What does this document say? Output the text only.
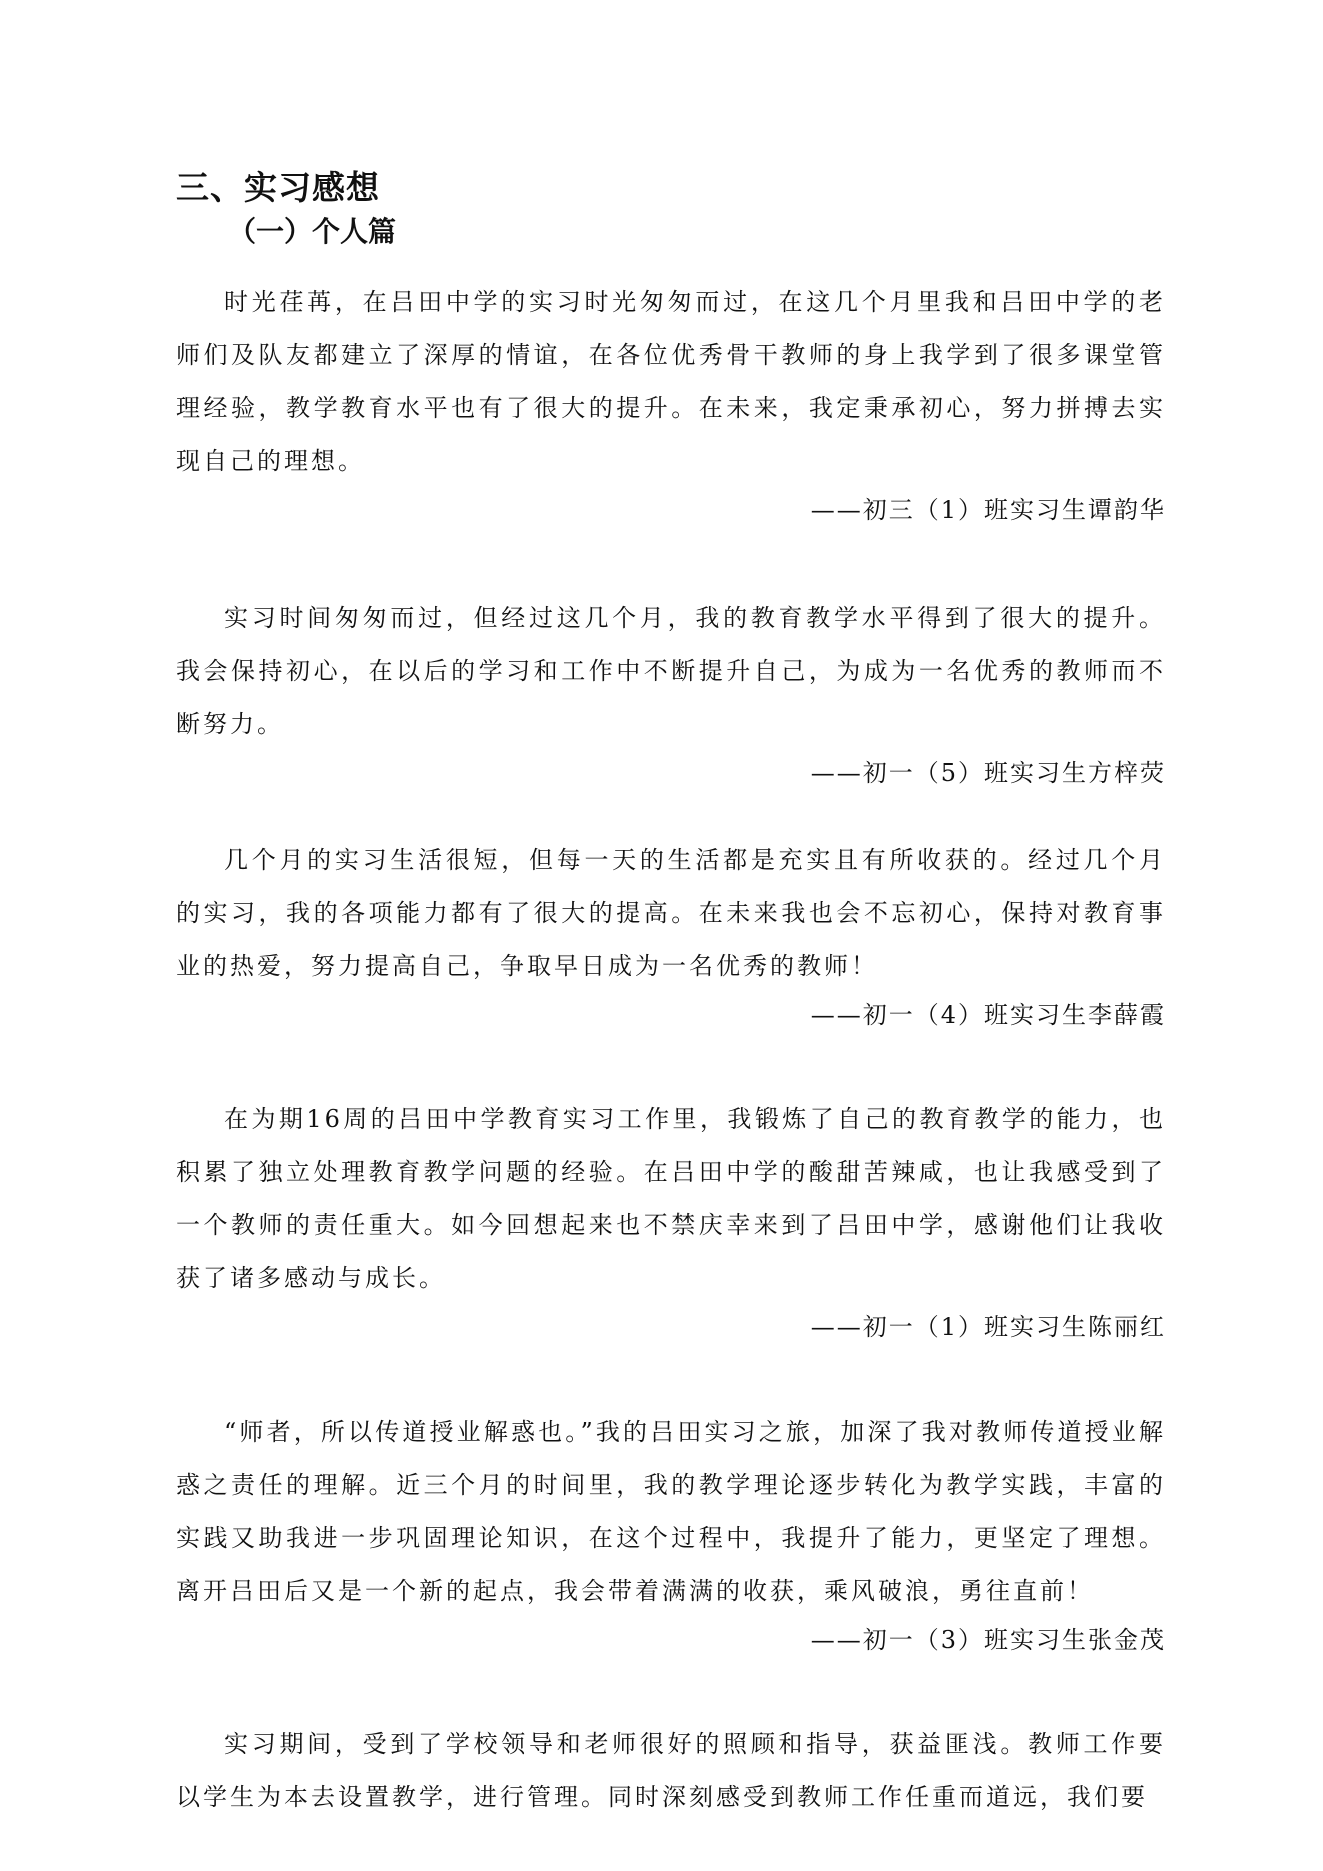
三、实习感想
（一）个人篇

时光荏苒，在吕田中学的实习时光匆匆而过，在这几个月里我和吕田中学的老师们及队友都建立了深厚的情谊，在各位优秀骨干教师的身上我学到了很多课堂管理经验，教学教育水平也有了很大的提升。在未来，我定秉承初心，努力拼搏去实现自己的理想。

——初三（1）班实习生谭韵华

实习时间匆匆而过，但经过这几个月，我的教育教学水平得到了很大的提升。我会保持初心，在以后的学习和工作中不断提升自己，为成为一名优秀的教师而不断努力。

——初一（5）班实习生方梓荧

几个月的实习生活很短，但每一天的生活都是充实且有所收获的。经过几个月的实习，我的各项能力都有了很大的提高。在未来我也会不忘初心，保持对教育事业的热爱，努力提高自己，争取早日成为一名优秀的教师！

——初一（4）班实习生李薛霞

在为期16周的吕田中学教育实习工作里，我锻炼了自己的教育教学的能力，也积累了独立处理教育教学问题的经验。在吕田中学的酸甜苦辣咸，也让我感受到了一个教师的责任重大。如今回想起来也不禁庆幸来到了吕田中学，感谢他们让我收获了诸多感动与成长。

——初一（1）班实习生陈丽红

“师者，所以传道授业解惑也。”我的吕田实习之旅，加深了我对教师传道授业解惑之责任的理解。近三个月的时间里，我的教学理论逐步转化为教学实践，丰富的实践又助我进一步巩固理论知识，在这个过程中，我提升了能力，更坚定了理想。离开吕田后又是一个新的起点，我会带着满满的收获，乘风破浪，勇往直前！

——初一（3）班实习生张金茂

实习期间，受到了学校领导和老师很好的照顾和指导，获益匪浅。教师工作要以学生为本去设置教学，进行管理。同时深刻感受到教师工作任重而道远，我们要
